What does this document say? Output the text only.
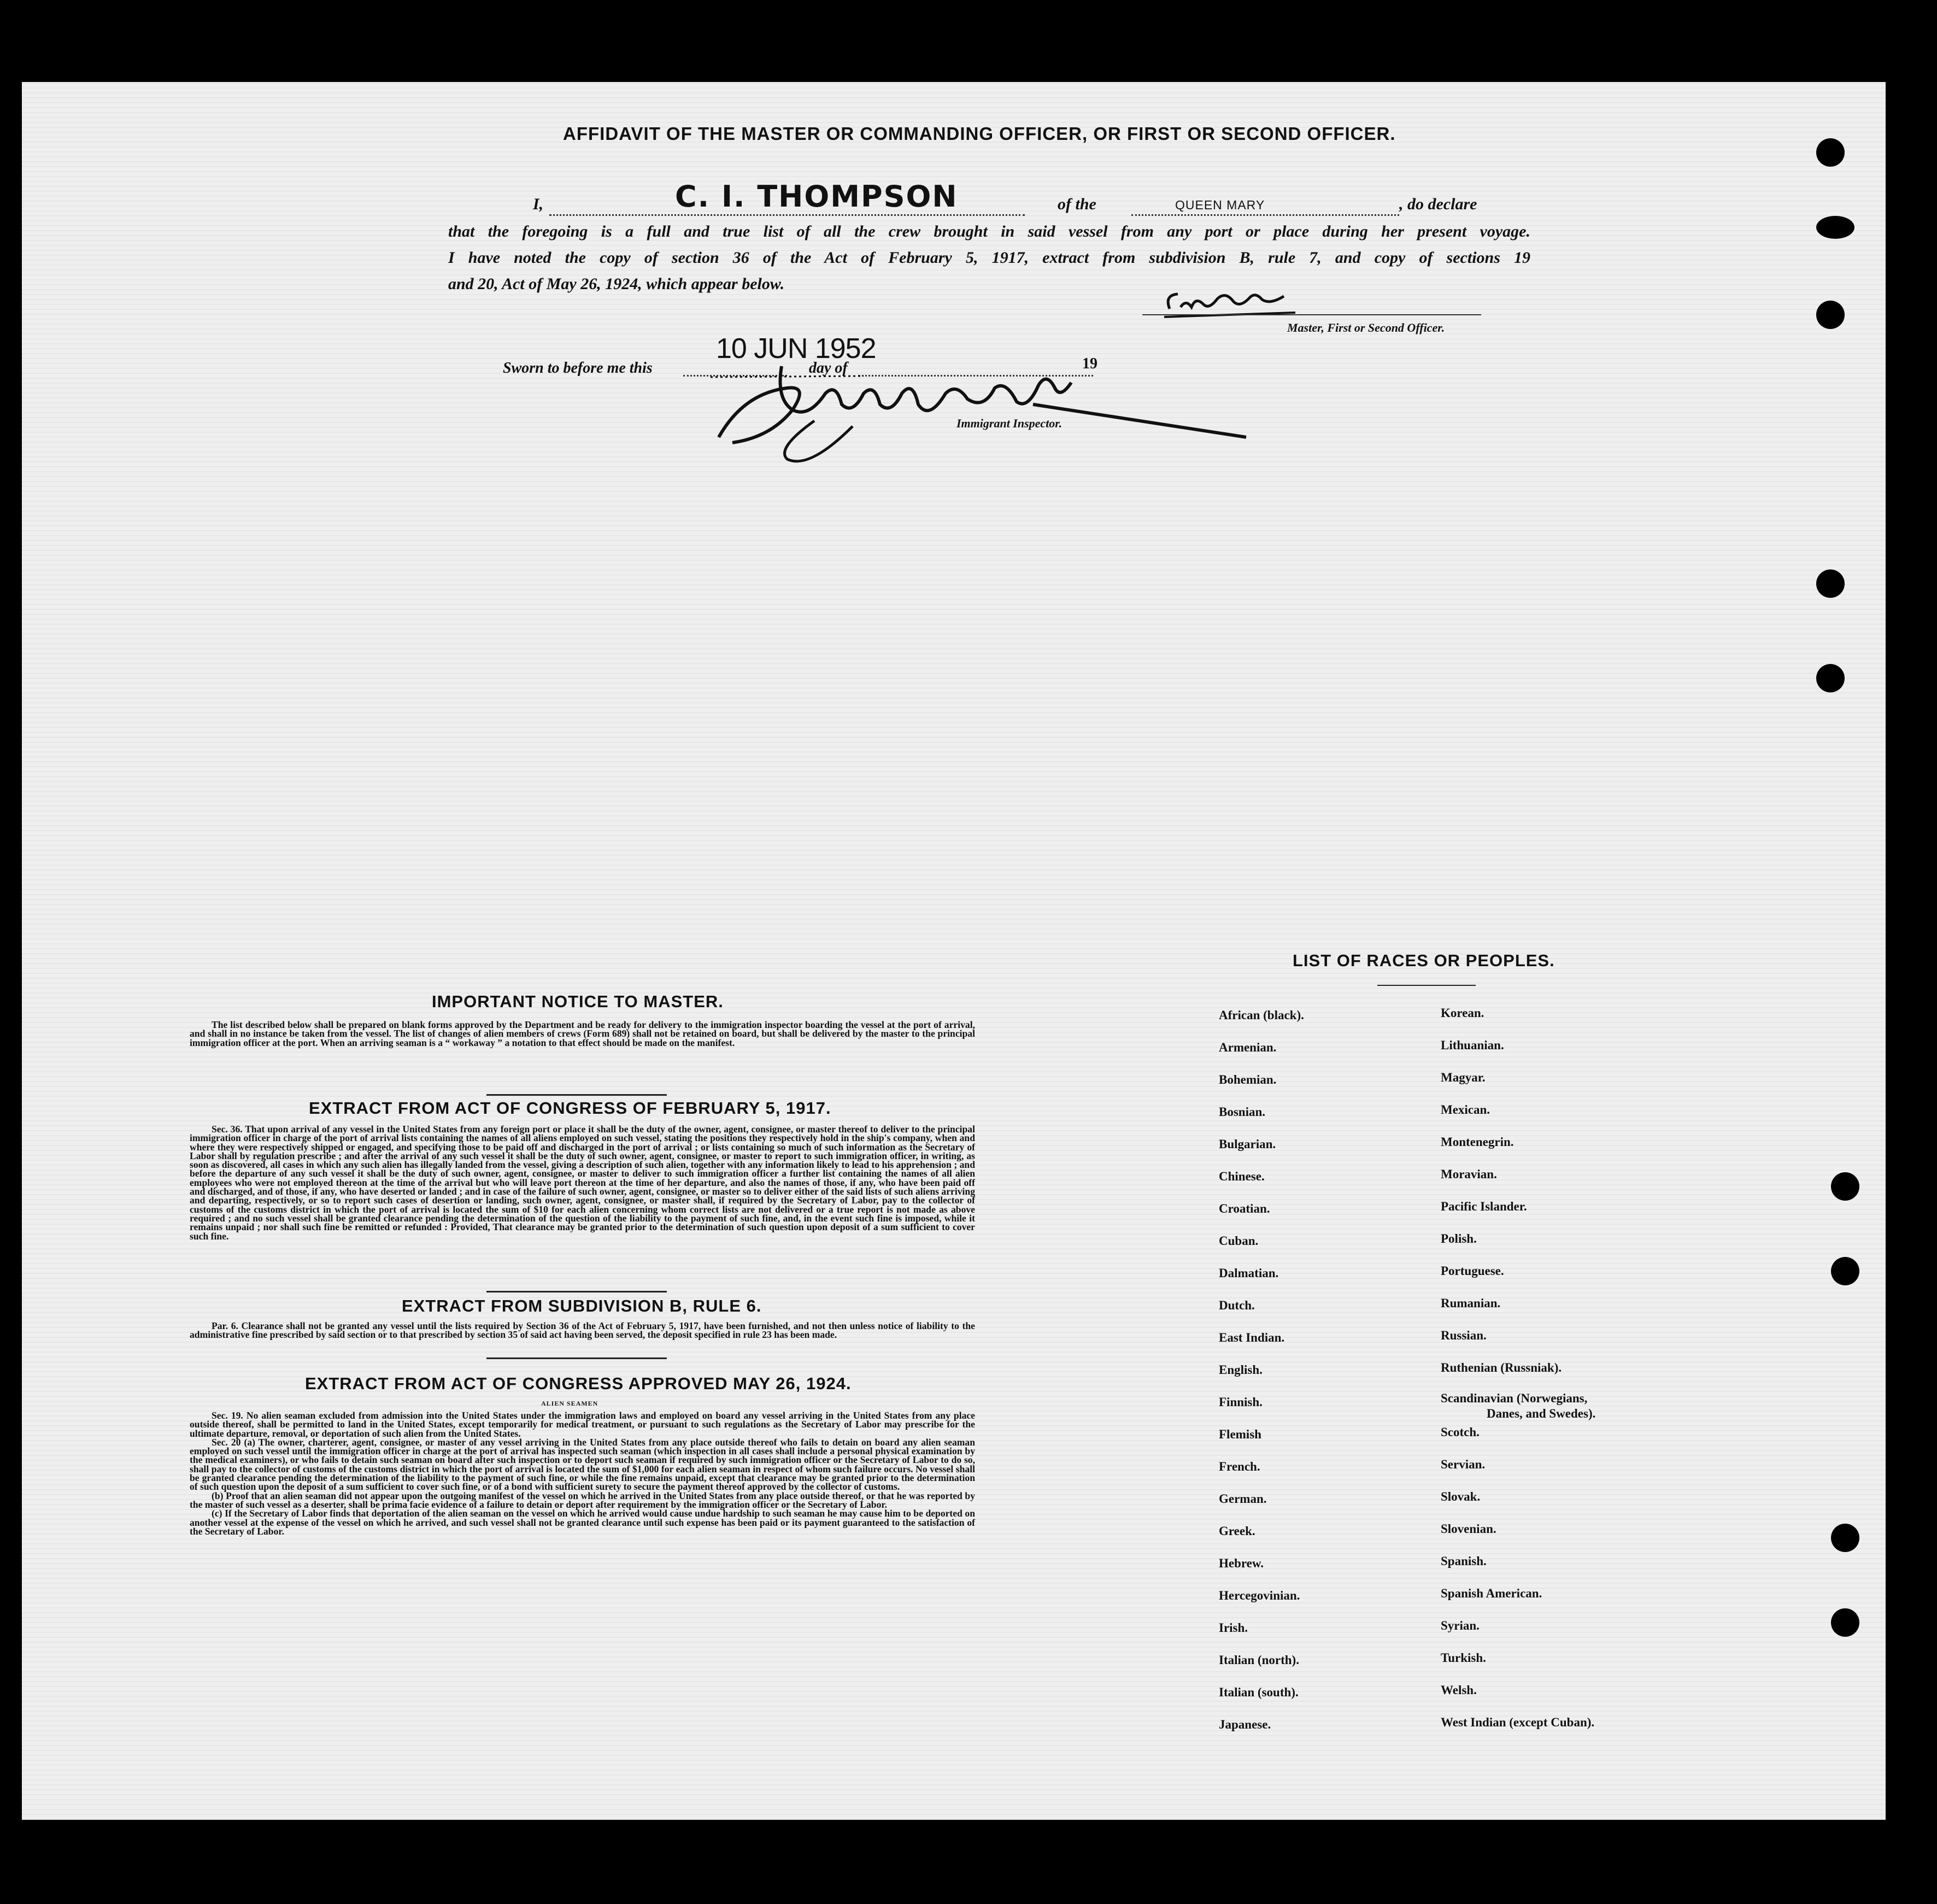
AFFIDAVIT OF THE MASTER OR COMMANDING OFFICER, OR FIRST OR SECOND OFFICER.
I,	C. I. THOMPSON	of the	QUEEN MARY	, do declare
that the foregoing is a full and true list of all the crew brought in said vessel from any port or place during her present voyage.
I have noted the copy of section 36 of the Act of February 5, 1917, extract from subdivision B, rule 7, and copy of sections 19
and 20, Act of May 26, 1924, which appear below.
Master, First or Second Officer.
Sworn to before me this
10 JUN 1952
day of	19
Immigrant Inspector.
IMPORTANT NOTICE TO MASTER.

The list described below shall be prepared on blank forms approved by the Department and be ready for delivery to the immigration inspector boarding the vessel at the port of arrival, and shall in no instance be taken from the vessel. The list of changes of alien members of crews (Form 689) shall not be retained on board, but shall be delivered by the master to the principal immigration officer at the port. When an arriving seaman is a “ workaway ” a notation to that effect should be made on the manifest.

EXTRACT FROM ACT OF CONGRESS OF FEBRUARY 5, 1917.

Sec. 36. That upon arrival of any vessel in the United States from any foreign port or place it shall be the duty of the owner, agent, consignee, or master thereof to deliver to the principal immigration officer in charge of the port of arrival lists containing the names of all aliens employed on such vessel, stating the positions they respectively hold in the ship's company, when and where they were respectively shipped or engaged, and specifying those to be paid off and discharged in the port of arrival ; or lists containing so much of such information as the Secretary of Labor shall by regulation prescribe ; and after the arrival of any such vessel it shall be the duty of such owner, agent, consignee, or master to report to such immigration officer, in writing, as soon as discovered, all cases in which any such alien has illegally landed from the vessel, giving a description of such alien, together with any information likely to lead to his apprehension ; and before the departure of any such vessel it shall be the duty of such owner, agent, consignee, or master to deliver to such immigration officer a further list containing the names of all alien employees who were not employed thereon at the time of the arrival but who will leave port thereon at the time of her departure, and also the names of those, if any, who have been paid off and discharged, and of those, if any, who have deserted or landed ; and in case of the failure of such owner, agent, consignee, or master so to deliver either of the said lists of such aliens arriving and departing, respectively, or so to report such cases of desertion or landing, such owner, agent, consignee, or master shall, if required by the Secretary of Labor, pay to the collector of customs of the customs district in which the port of arrival is located the sum of $10 for each alien concerning whom correct lists are not delivered or a true report is not made as above required ; and no such vessel shall be granted clearance pending the determination of the question of the liability to the payment of such fine, and, in the event such fine is imposed, while it remains unpaid ; nor shall such fine be remitted or refunded : Provided, That clearance may be granted prior to the determination of such question upon deposit of a sum sufficient to cover such fine.

EXTRACT FROM SUBDIVISION B, RULE 6.

Par. 6. Clearance shall not be granted any vessel until the lists required by Section 36 of the Act of February 5, 1917, have been furnished, and not then unless notice of liability to the administrative fine prescribed by said section or to that prescribed by section 35 of said act having been served, the deposit specified in rule 23 has been made.

EXTRACT FROM ACT OF CONGRESS APPROVED MAY 26, 1924.
ALIEN SEAMEN

Sec. 19. No alien seaman excluded from admission into the United States under the immigration laws and employed on board any vessel arriving in the United States from any place outside thereof, shall be permitted to land in the United States, except temporarily for medical treatment, or pursuant to such regulations as the Secretary of Labor may prescribe for the ultimate departure, removal, or deportation of such alien from the United States.

Sec. 20 (a) The owner, charterer, agent, consignee, or master of any vessel arriving in the United States from any place outside thereof who fails to detain on board any alien seaman employed on such vessel until the immigration officer in charge at the port of arrival has inspected such seaman (which inspection in all cases shall include a personal physical examination by the medical examiners), or who fails to detain such seaman on board after such inspection or to deport such seaman if required by such immigration officer or the Secretary of Labor to do so, shall pay to the collector of customs of the customs district in which the port of arrival is located the sum of $1,000 for each alien seaman in respect of whom such failure occurs. No vessel shall be granted clearance pending the determination of the liability to the payment of such fine, or while the fine remains unpaid, except that clearance may be granted prior to the determination of such question upon the deposit of a sum sufficient to cover such fine, or of a bond with sufficient surety to secure the payment thereof approved by the collector of customs.

(b) Proof that an alien seaman did not appear upon the outgoing manifest of the vessel on which he arrived in the United States from any place outside thereof, or that he was reported by the master of such vessel as a deserter, shall be prima facie evidence of a failure to detain or deport after requirement by the immigration officer or the Secretary of Labor.

(c) If the Secretary of Labor finds that deportation of the alien seaman on the vessel on which he arrived would cause undue hardship to such seaman he may cause him to be deported on another vessel at the expense of the vessel on which he arrived, and such vessel shall not be granted clearance until such expense has been paid or its payment guaranteed to the satisfaction of the Secretary of Labor.

LIST OF RACES OR PEOPLES.
African (black).
Armenian.
Bohemian.
Bosnian.
Bulgarian.
Chinese.
Croatian.
Cuban.
Dalmatian.
Dutch.
East Indian.
English.
Finnish.
Flemish
French.
German.
Greek.
Hebrew.
Hercegovinian.
Irish.
Italian (north).
Italian (south).
Japanese.
Korean.
Lithuanian.
Magyar.
Mexican.
Montenegrin.
Moravian.
Pacific Islander.
Polish.
Portuguese.
Rumanian.
Russian.
Ruthenian (Russniak).
Scandinavian (Norwegians,
Danes, and Swedes).
Scotch.
Servian.
Slovak.
Slovenian.
Spanish.
Spanish American.
Syrian.
Turkish.
Welsh.
West Indian (except Cuban).
